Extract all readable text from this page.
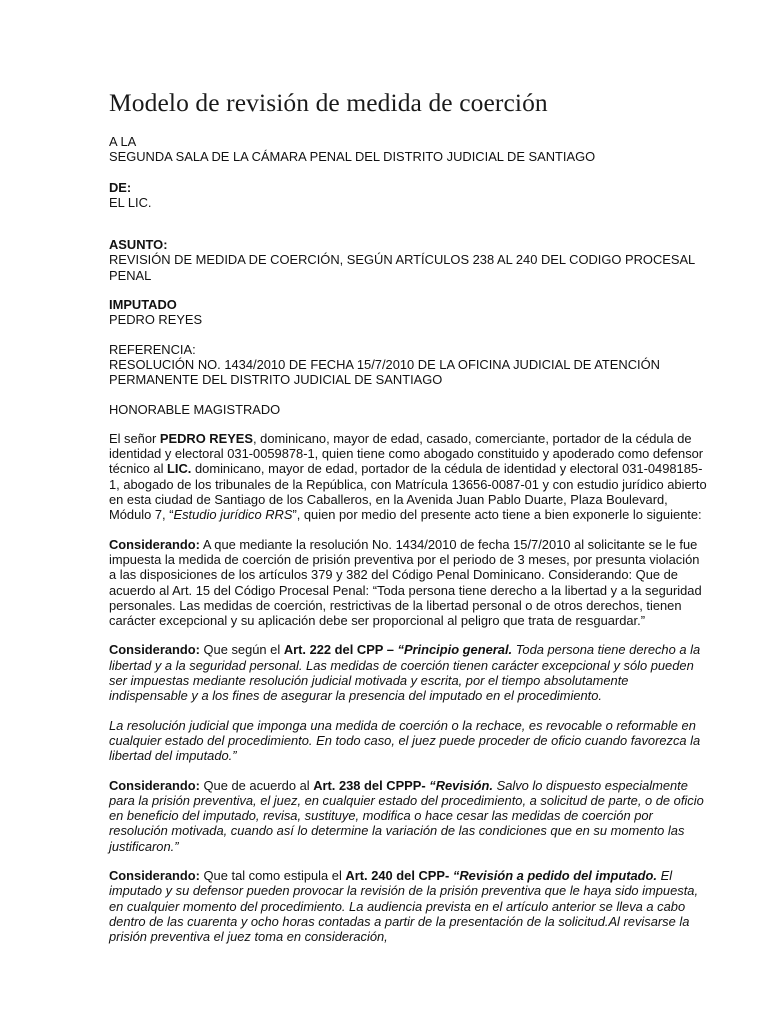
Modelo de revisión de medida de coerción
A LA
SEGUNDA SALA DE LA CÁMARA PENAL DEL DISTRITO JUDICIAL DE SANTIAGO
DE:
EL LIC.
ASUNTO:
REVISIÓN DE MEDIDA DE COERCIÓN, SEGÚN ARTÍCULOS 238 AL 240 DEL CODIGO PROCESAL PENAL
IMPUTADO
PEDRO REYES
REFERENCIA:
RESOLUCIÓN NO. 1434/2010 DE FECHA 15/7/2010 DE LA OFICINA JUDICIAL DE ATENCIÓN PERMANENTE DEL DISTRITO JUDICIAL DE SANTIAGO
HONORABLE MAGISTRADO

El señor PEDRO REYES, dominicano, mayor de edad, casado, comerciante, portador de la cédula de identidad y electoral 031-0059878-1, quien tiene como abogado constituido y apoderado como defensor técnico al LIC. dominicano, mayor de edad, portador de la cédula de identidad y electoral 031-0498185-1, abogado de los tribunales de la República, con Matrícula 13656-0087-01 y con estudio jurídico abierto en esta ciudad de Santiago de los Caballeros, en la Avenida Juan Pablo Duarte, Plaza Boulevard, Módulo 7, “Estudio jurídico RRS”, quien por medio del presente acto tiene a bien exponerle lo siguiente:

Considerando: A que mediante la resolución No. 1434/2010 de fecha 15/7/2010 al solicitante se le fue impuesta la medida de coerción de prisión preventiva por el periodo de 3 meses, por presunta violación a las disposiciones de los artículos 379 y 382 del Código Penal Dominicano. Considerando: Que de acuerdo al Art. 15 del Código Procesal Penal: “Toda persona tiene derecho a la libertad y a la seguridad personales. Las medidas de coerción, restrictivas de la libertad personal o de otros derechos, tienen carácter excepcional y su aplicación debe ser proporcional al peligro que trata de resguardar.”

Considerando: Que según el Art. 222 del CPP – “Principio general. Toda persona tiene derecho a la libertad y a la seguridad personal. Las medidas de coerción tienen carácter excepcional y sólo pueden ser impuestas mediante resolución judicial motivada y escrita, por el tiempo absolutamente indispensable y a los fines de asegurar la presencia del imputado en el procedimiento.

La resolución judicial que imponga una medida de coerción o la rechace, es revocable o reformable en cualquier estado del procedimiento. En todo caso, el juez puede proceder de oficio cuando favorezca la libertad del imputado.”

Considerando: Que de acuerdo al Art. 238 del CPPP- “Revisión. Salvo lo dispuesto especialmente para la prisión preventiva, el juez, en cualquier estado del procedimiento, a solicitud de parte, o de oficio en beneficio del imputado, revisa, sustituye, modifica o hace cesar las medidas de coerción por resolución motivada, cuando así lo determine la variación de las condiciones que en su momento las justificaron.”

Considerando: Que tal como estipula el Art. 240 del CPP- “Revisión a pedido del imputado. El imputado y su defensor pueden provocar la revisión de la prisión preventiva que le haya sido impuesta, en cualquier momento del procedimiento. La audiencia prevista en el artículo anterior se lleva a cabo dentro de las cuarenta y ocho horas contadas a partir de la presentación de la solicitud.Al revisarse la prisión preventiva el juez toma en consideración,
